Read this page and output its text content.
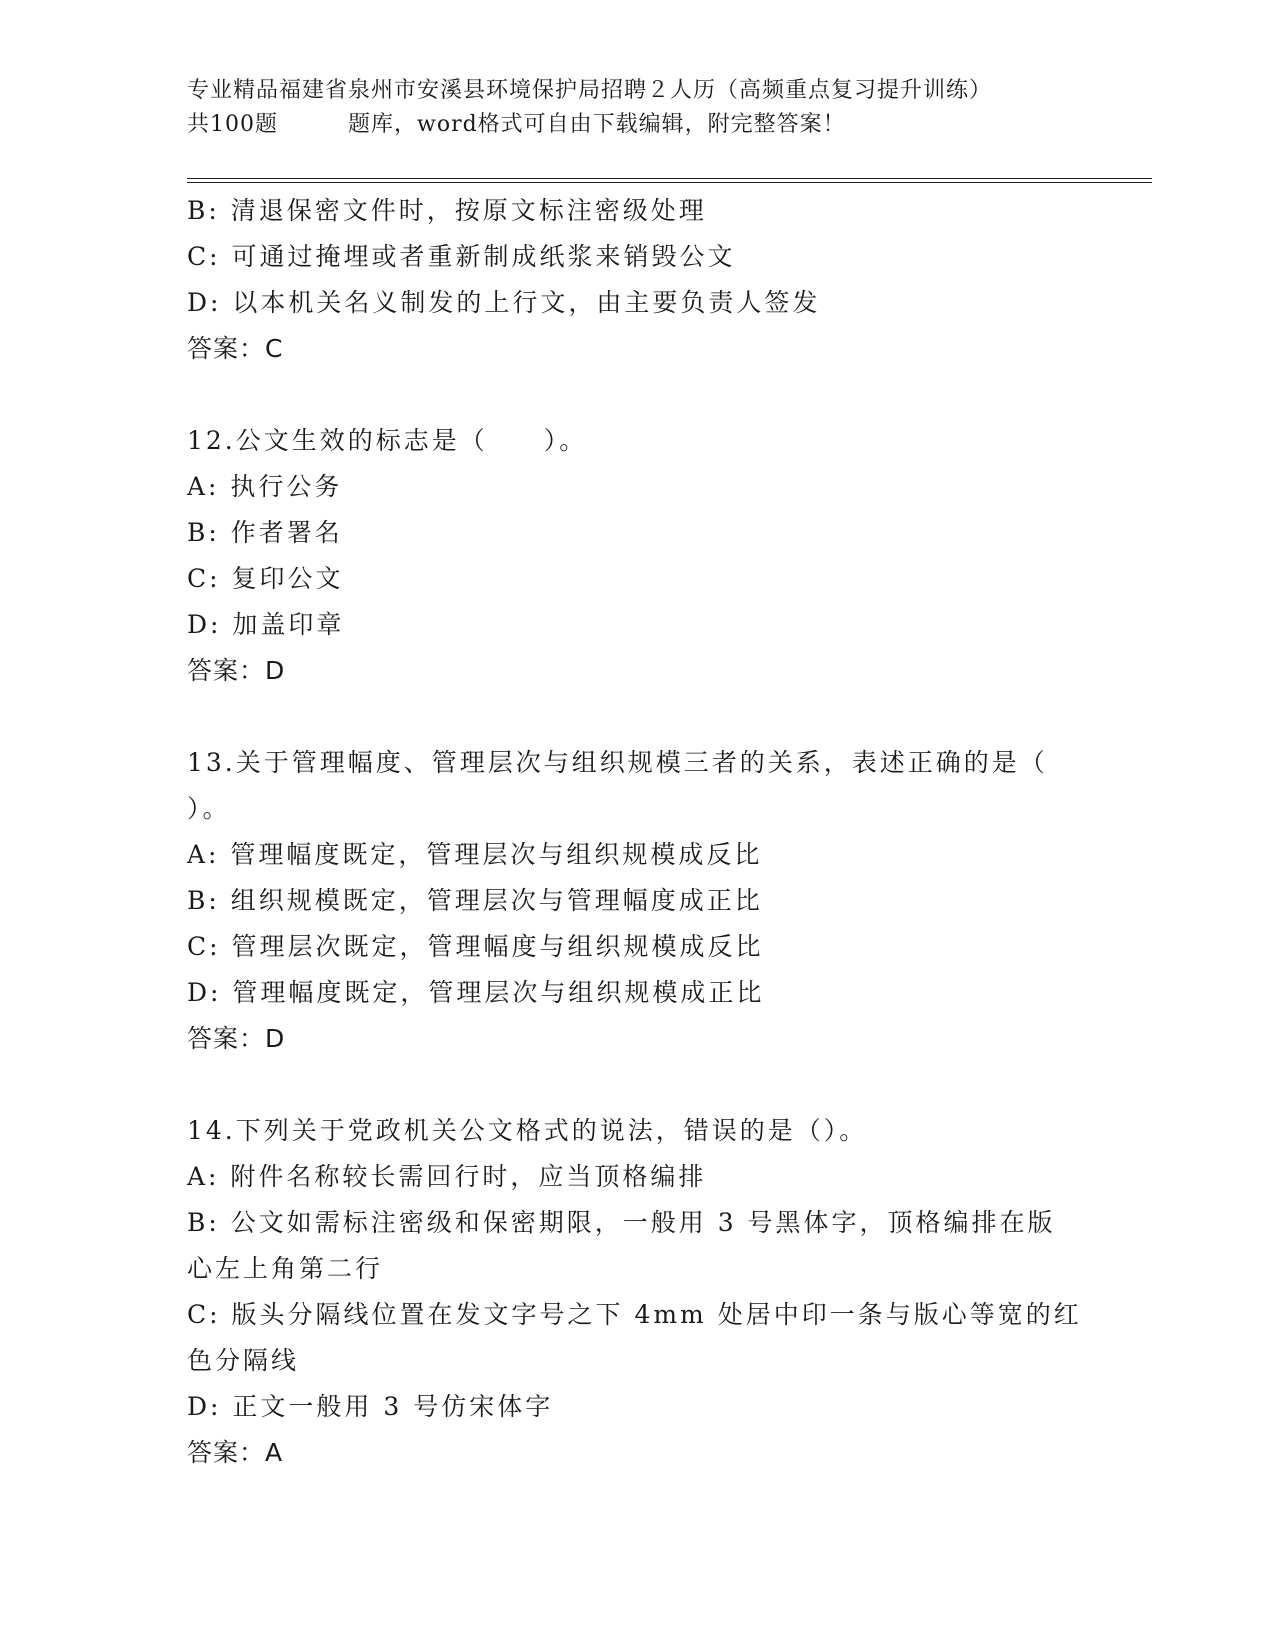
专业精品福建省泉州市安溪县环境保护局招聘２人历（高频重点复习提升训练）
共100题	题库，word格式可自由下载编辑，附完整答案！
B: 清退保密文件时，按原文标注密级处理
C: 可通过掩埋或者重新制成纸浆来销毁公文
D: 以本机关名义制发的上行文，由主要负责人签发
答案：C
12.公文生效的标志是（　　）。
A: 执行公务
B: 作者署名
C: 复印公文
D: 加盖印章
答案：D
13.关于管理幅度、管理层次与组织规模三者的关系，表述正确的是（
）。
A: 管理幅度既定，管理层次与组织规模成反比
B: 组织规模既定，管理层次与管理幅度成正比
C: 管理层次既定，管理幅度与组织规模成反比
D: 管理幅度既定，管理层次与组织规模成正比
答案：D
14.下列关于党政机关公文格式的说法，错误的是（）。
A: 附件名称较长需回行时，应当顶格编排
B: 公文如需标注密级和保密期限，一般用 3 号黑体字，顶格编排在版
心左上角第二行
C: 版头分隔线位置在发文字号之下 4mm 处居中印一条与版心等宽的红
色分隔线
D: 正文一般用 3 号仿宋体字
答案：A
